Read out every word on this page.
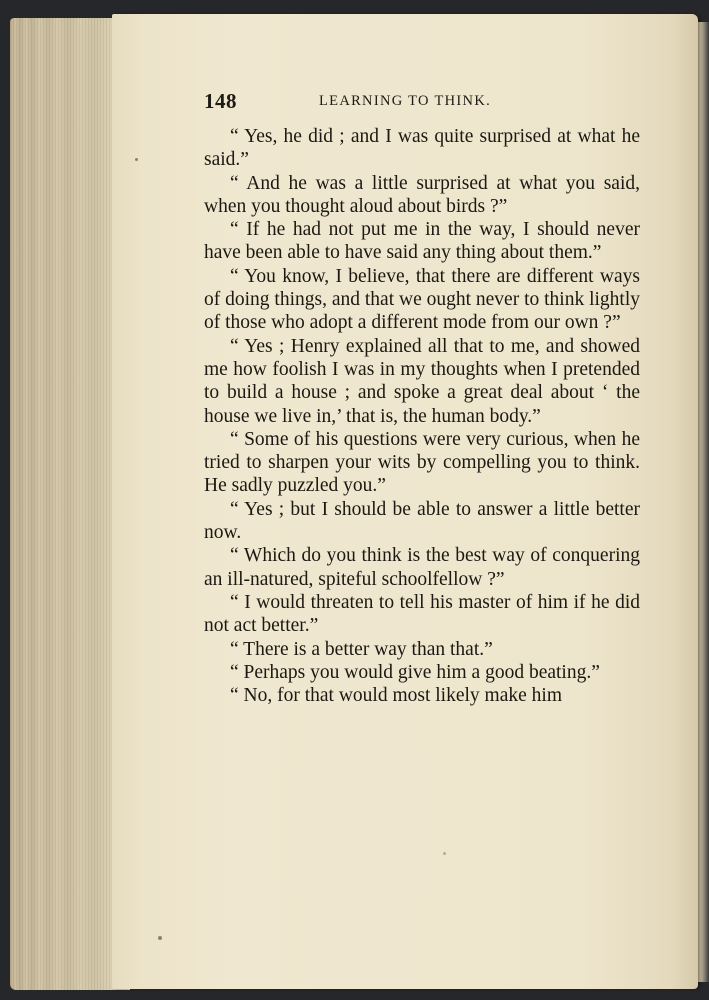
148	LEARNING TO THINK.

“ Yes, he did ; and I was quite surprised at what he said.”

“ And he was a little surprised at what you said, when you thought aloud about birds ?”

“ If he had not put me in the way, I should never have been able to have said any thing about them.”

“ You know, I believe, that there are different ways of doing things, and that we ought never to think lightly of those who adopt a different mode from our own ?”

“ Yes ; Henry explained all that to me, and showed me how foolish I was in my thoughts when I pretended to build a house ; and spoke a great deal about ‘ the house we live in,’ that is, the human body.”

“ Some of his questions were very curious, when he tried to sharpen your wits by compelling you to think. He sadly puzzled you.”

“ Yes ; but I should be able to answer a little better now.

“ Which do you think is the best way of conquering an ill-natured, spiteful schoolfellow ?”

“ I would threaten to tell his master of him if he did not act better.”

“ There is a better way than that.”

“ Perhaps you would give him a good beating.”

“ No, for that would most likely make him
